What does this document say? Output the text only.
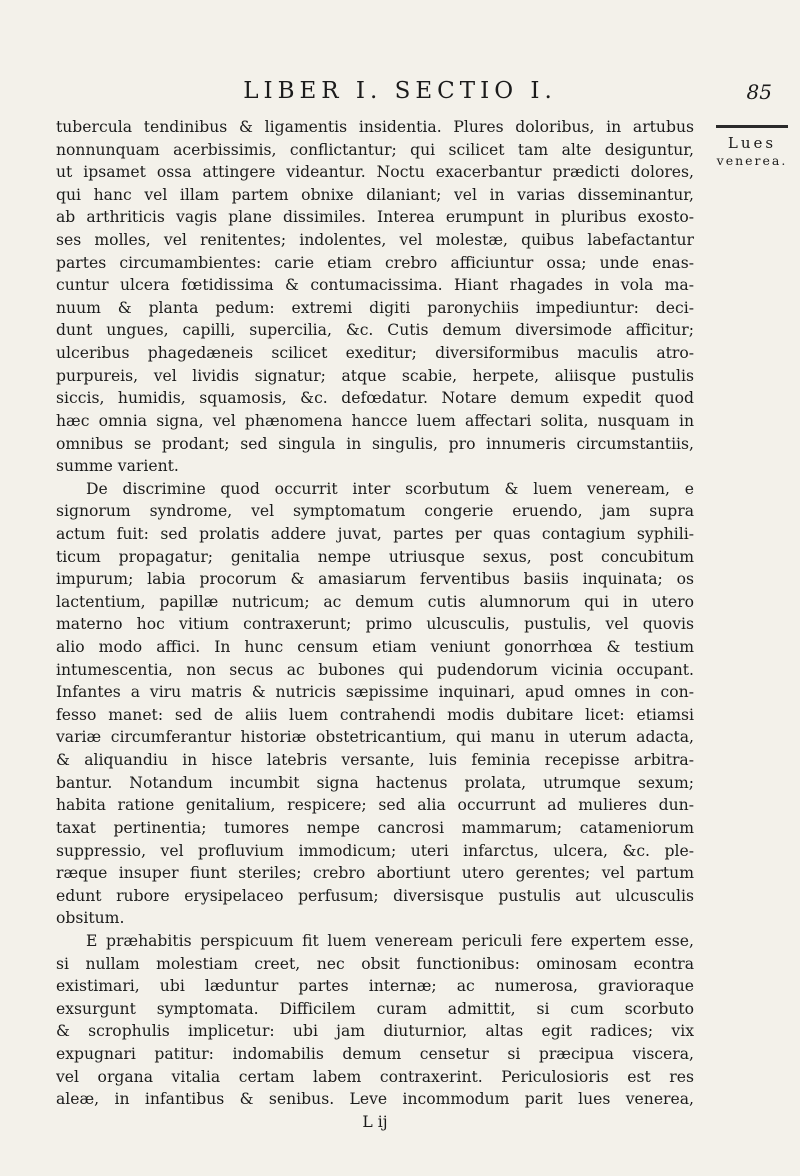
LIBER I. SECTIO I.	85
Lues
venerea.
tubercula tendinibus & ligamentis insidentia. Plures doloribus, in artubus
nonnunquam acerbissimis, conflictantur; qui scilicet tam alte desiguntur,
ut ipsamet ossa attingere videantur. Noctu exacerbantur prædicti dolores,
qui hanc vel illam partem obnixe dilaniant; vel in varias disseminantur,
ab arthriticis vagis plane dissimiles. Interea erumpunt in pluribus exosto-
ses molles, vel renitentes; indolentes, vel molestæ, quibus labefactantur
partes circumambientes: carie etiam crebro afficiuntur ossa; unde enas-
cuntur ulcera fœtidissima & contumacissima. Hiant rhagades in vola ma-
nuum & planta pedum: extremi digiti paronychiis impediuntur: deci-
dunt ungues, capilli, supercilia, &c. Cutis demum diversimode afficitur;
ulceribus phagedæneis scilicet exeditur; diversiformibus maculis atro-
purpureis, vel lividis signatur; atque scabie, herpete, aliisque pustulis
siccis, humidis, squamosis, &c. defœdatur. Notare demum expedit quod
hæc omnia signa, vel phænomena hancce luem affectari solita, nusquam in
omnibus se prodant; sed singula in singulis, pro innumeris circumstantiis,
summe varient.
De discrimine quod occurrit inter scorbutum & luem veneream, e
signorum syndrome, vel symptomatum congerie eruendo, jam supra
actum fuit: sed prolatis addere juvat, partes per quas contagium syphili-
ticum propagatur; genitalia nempe utriusque sexus, post concubitum
impurum; labia procorum & amasiarum ferventibus basiis inquinata; os
lactentium, papillæ nutricum; ac demum cutis alumnorum qui in utero
materno hoc vitium contraxerunt; primo ulcusculis, pustulis, vel quovis
alio modo affici. In hunc censum etiam veniunt gonorrhœa & testium
intumescentia, non secus ac bubones qui pudendorum vicinia occupant.
Infantes a viru matris & nutricis sæpissime inquinari, apud omnes in con-
fesso manet: sed de aliis luem contrahendi modis dubitare licet: etiamsi
variæ circumferantur historiæ obstetricantium, qui manu in uterum adacta,
& aliquandiu in hisce latebris versante, luis feminia recepisse arbitra-
bantur. Notandum incumbit signa hactenus prolata, utrumque sexum;
habita ratione genitalium, respicere; sed alia occurrunt ad mulieres dun-
taxat pertinentia; tumores nempe cancrosi mammarum; catameniorum
suppressio, vel profluvium immodicum; uteri infarctus, ulcera, &c. ple-
ræque insuper fiunt steriles; crebro abortiunt utero gerentes; vel partum
edunt rubore erysipelaceo perfusum; diversisque pustulis aut ulcusculis
obsitum.
E præhabitis perspicuum fit luem veneream periculi fere expertem esse,
si nullam molestiam creet, nec obsit functionibus: ominosam econtra
existimari, ubi læduntur partes internæ; ac numerosa, gravioraque
exsurgunt symptomata. Difficilem curam admittit, si cum scorbuto
& scrophulis implicetur: ubi jam diuturnior, altas egit radices; vix
expugnari patitur: indomabilis demum censetur si præcipua viscera,
vel organa vitalia certam labem contraxerint. Periculosioris est res
aleæ, in infantibus & senibus. Leve incommodum parit lues venerea,
L ij
